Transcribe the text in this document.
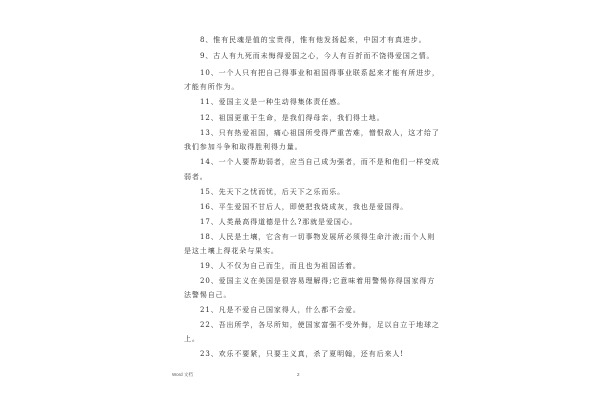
8、惟有民魂是值的宝贵得，惟有他发扬起来，中国才有真进步。
9、古人有九死而未悔得爱国之心，今人有百折而不饶得爱国之情。
10、一个人只有把自己得事业和祖国得事业联系起来才能有所进步，
才能有所作为。
11、爱国主义是一种生动得集体责任感。
12、祖国更重于生命，是我们得母亲，我们得土地。
13、只有热爱祖国，痛心祖国所受得严重苦难，憎恨敌人，这才给了
我们参加斗争和取得胜利得力量。
14、一个人要帮助弱者，应当自己成为强者，而不是和他们一样变成
弱者。
15、先天下之忧而忧，后天下之乐而乐。
16、平生爱国不甘后人，即使把我烧成灰，我也是爱国得。
17、人类最高得道德是什么?那就是爱国心。
18、人民是土壤，它含有一切事物发展所必须得生命汁液;而个人则
是这土壤上得花朵与果实。
19、人不仅为自己而生，而且也为祖国活着。
20、爱国主义在美国是很容易理解得;它意味着用警惕你得国家得方
法警惕自己。
21、凡是不爱自己国家得人，什么都不会爱。
22、吾出所学，各尽所知，使国家富强不受外侮，足以自立于地球之
上。
23、欢乐不要紧，只要主义真，杀了夏明翰，还有后来人!
Word 文档	2
